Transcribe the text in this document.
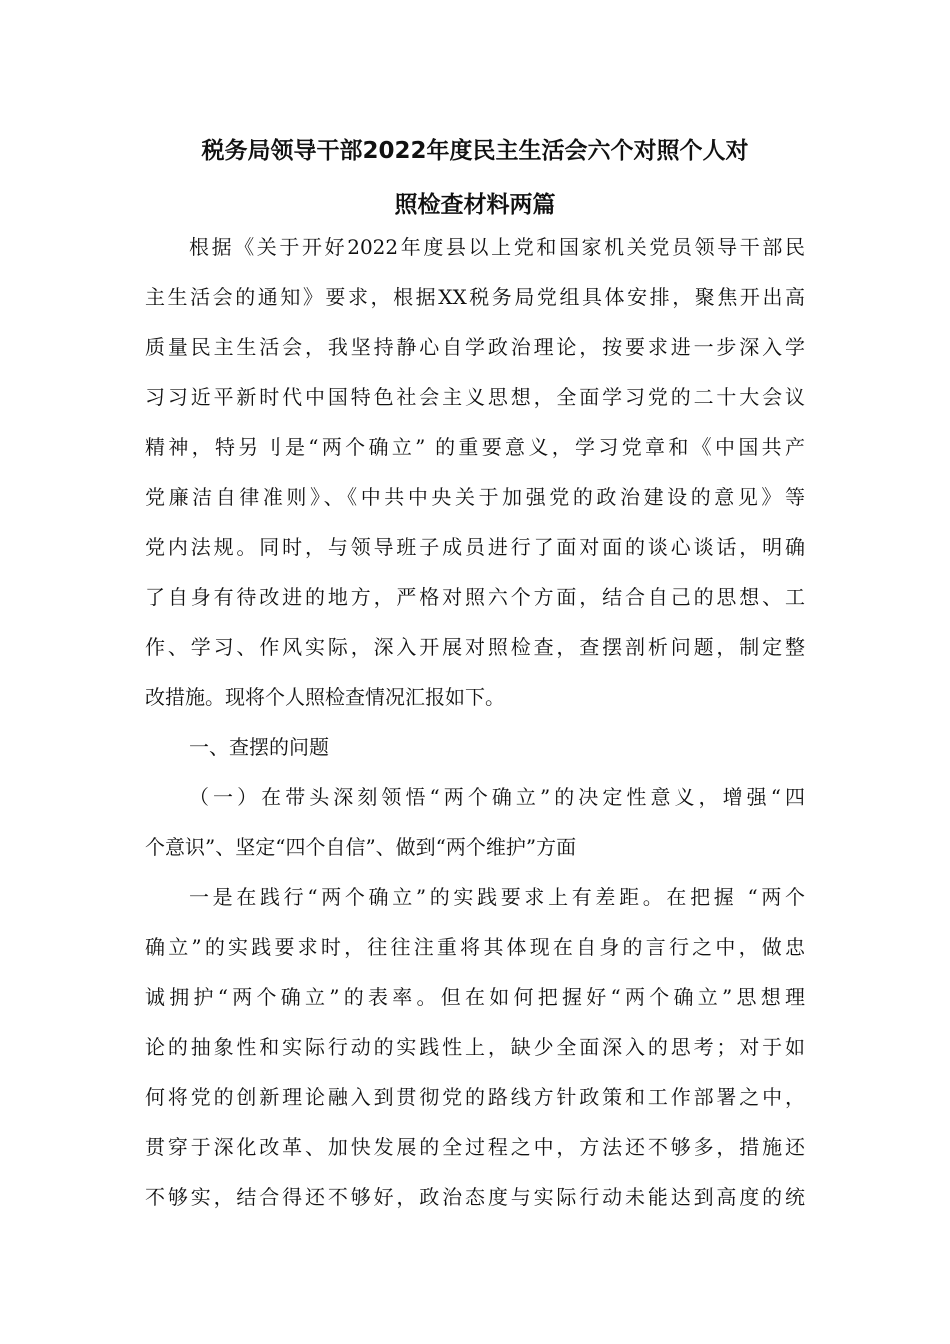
税务局领导干部2022年度民主生活会六个对照个人对
照检查材料两篇
根据《关于开好2022年度县以上党和国家机关党员领导干部民
主生活会的通知》要求，根据XX税务局党组具体安排，聚焦开出高
质量民主生活会，我坚持静心自学政治理论，按要求进一步深入学
习习近平新时代中国特色社会主义思想，全面学习党的二十大会议
精神，特另刂是“两个确立” 的重要意义，学习党章和《中国共产
党廉洁自律准则》、《中共中央关于加强党的政治建设的意见》等
党内法规。同时，与领导班子成员进行了面对面的谈心谈话，明确
了自身有待改进的地方，严格对照六个方面，结合自己的思想、工
作、学习、作风实际，深入开展对照检查，查摆剖析问题，制定整
改措施。现将个人照检查情况汇报如下。
一、查摆的问题
（一）在带头深刻领悟“两个确立”的决定性意义，增强“四
个意识”、坚定“四个自信”、做到“两个维护”方面
一是在践行“两个确立”的实践要求上有差距。在把握 “两个
确立”的实践要求时，往往注重将其体现在自身的言行之中，做忠
诚拥护“两个确立”的表率。但在如何把握好“两个确立”思想理
论的抽象性和实际行动的实践性上，缺少全面深入的思考；对于如
何将党的创新理论融入到贯彻党的路线方针政策和工作部署之中，
贯穿于深化改革、加快发展的全过程之中，方法还不够多，措施还
不够实，结合得还不够好，政治态度与实际行动未能达到高度的统
